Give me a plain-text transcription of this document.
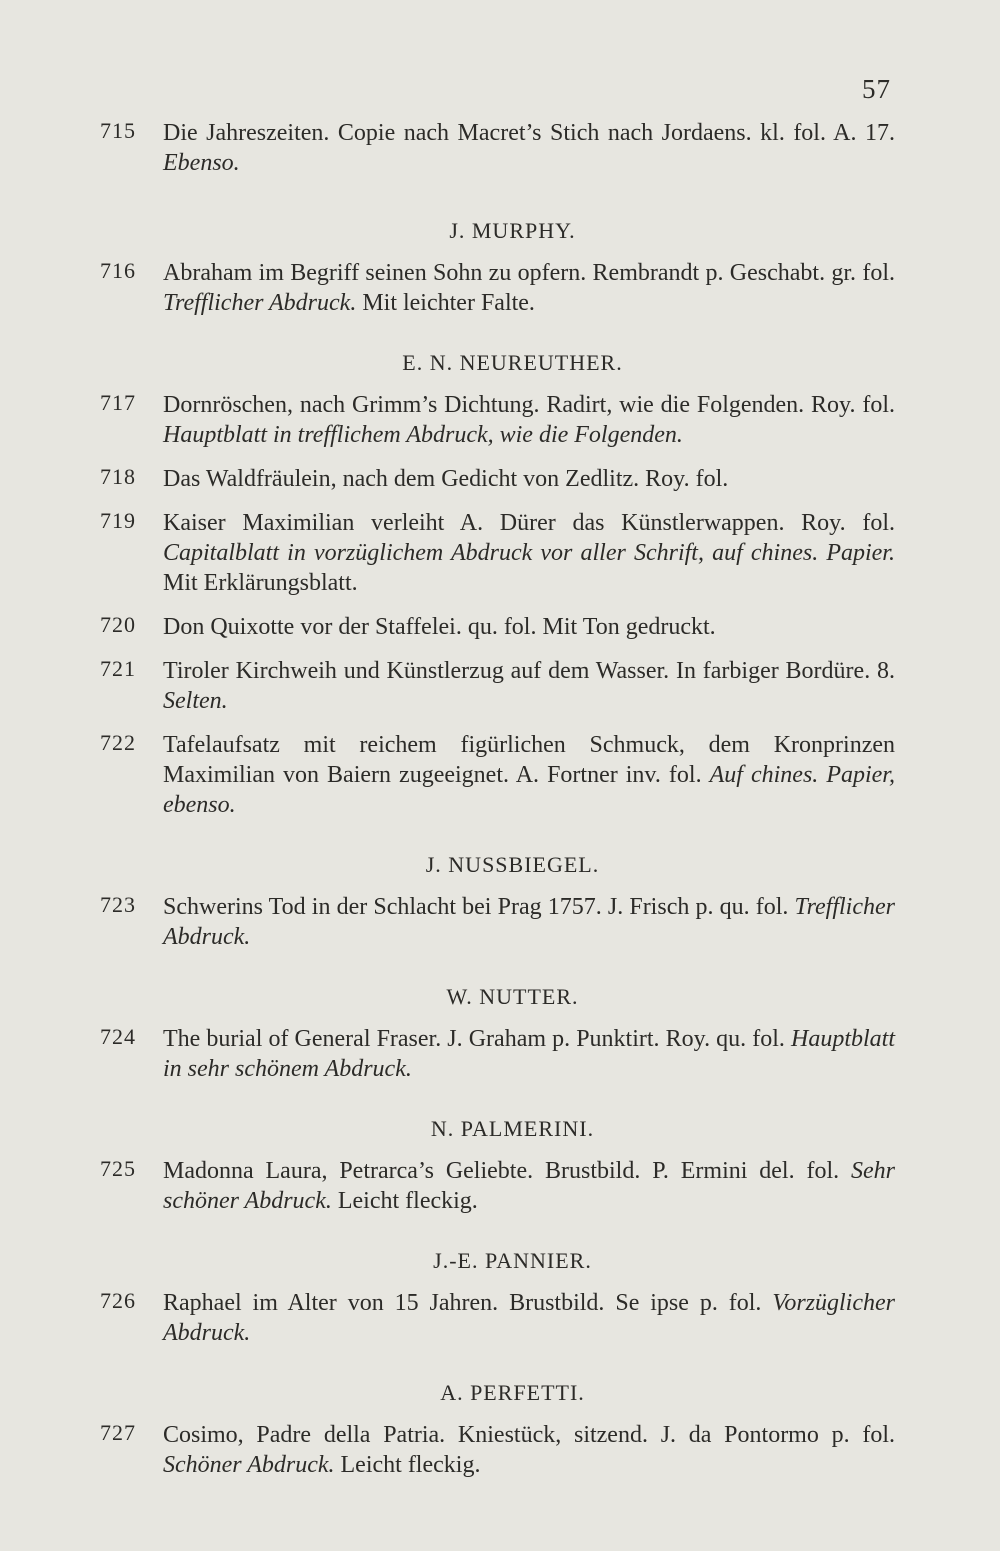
57
715 Die Jahreszeiten. Copie nach Macret’s Stich nach Jordaens. kl. fol. A. 17. Ebenso.
J. MURPHY.
716 Abraham im Begriff seinen Sohn zu opfern. Rembrandt p. Geschabt. gr. fol. Trefflicher Abdruck. Mit leichter Falte.
E. N. NEUREUTHER.
717 Dornröschen, nach Grimm’s Dichtung. Radirt, wie die Folgenden. Roy. fol. Hauptblatt in trefflichem Abdruck, wie die Folgenden.
718 Das Waldfräulein, nach dem Gedicht von Zedlitz. Roy. fol.
719 Kaiser Maximilian verleiht A. Dürer das Künstlerwappen. Roy. fol. Capitalblatt in vorzüglichem Abdruck vor aller Schrift, auf chines. Papier. Mit Erklärungsblatt.
720 Don Quixotte vor der Staffelei. qu. fol. Mit Ton gedruckt.
721 Tiroler Kirchweih und Künstlerzug auf dem Wasser. In farbiger Bordüre. 8. Selten.
722 Tafelaufsatz mit reichem figürlichen Schmuck, dem Kronprinzen Maximilian von Baiern zugeeignet. A. Fortner inv. fol. Auf chines. Papier, ebenso.
J. NUSSBIEGEL.
723 Schwerins Tod in der Schlacht bei Prag 1757. J. Frisch p. qu. fol. Trefflicher Abdruck.
W. NUTTER.
724 The burial of General Fraser. J. Graham p. Punktirt. Roy. qu. fol. Hauptblatt in sehr schönem Abdruck.
N. PALMERINI.
725 Madonna Laura, Petrarca’s Geliebte. Brustbild. P. Ermini del. fol. Sehr schöner Abdruck. Leicht fleckig.
J.-E. PANNIER.
726 Raphael im Alter von 15 Jahren. Brustbild. Se ipse p. fol. Vorzüglicher Abdruck.
A. PERFETTI.
727 Cosimo, Padre della Patria. Kniestück, sitzend. J. da Pontormo p. fol. Schöner Abdruck. Leicht fleckig.
